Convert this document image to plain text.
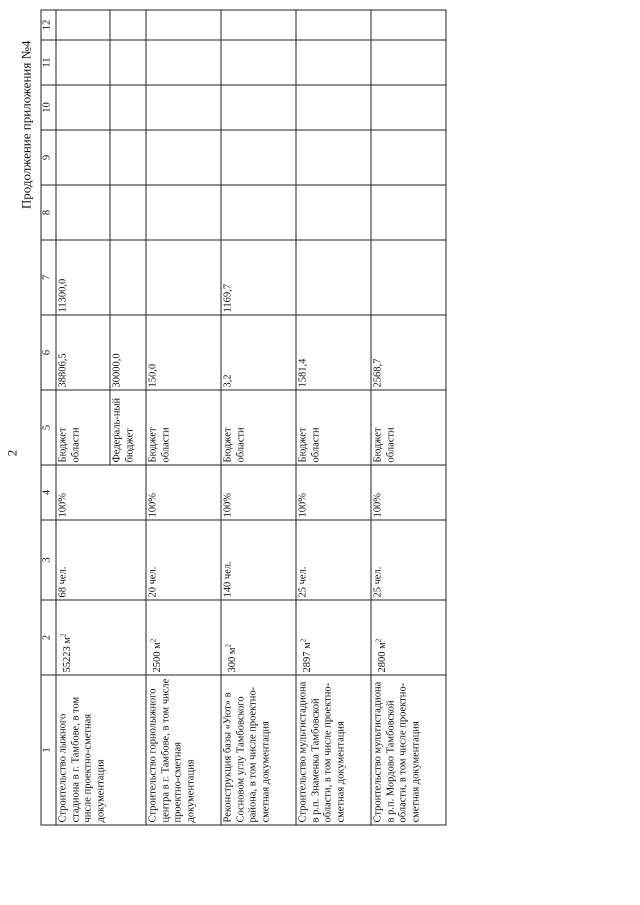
2
Продолжение приложения №4
1	2	3	4	5	6	7	8	9	10	11	12
Строительство лыжного стадиона в г. Тамбове, в том числе проектно-сметная документация	55223 $м^2$	68 чел.	100%	Бюджет области	38806,5	11300,0					
				Федераль-ный бюджет	30000,0						
Строительство горнолыжного центра в г. Тамбове, в том числе проектно-сметная документация	2500 $м^2$	20 чел.	100%	Бюджет области	150,0						
Реконструкция базы «Уют» в Сосновом углу Тамбовского района, в том числе проектно-сметная документация	300 $м^2$	140 чел.	100%	Бюджет области	3,2	1169,7					
Строительство мультистадиона в р.п. Знаменка Тамбовской области, в том числе проектно-сметная документация	2897 $м^2$	25 чел.	100%	Бюджет области	1581,4						
Строительство мультистадиона в р.п. Мордово Тамбовской области, в том числе проектно-сметная документация	2800 $м^2$	25 чел.	100%	Бюджет области	2568,7						
